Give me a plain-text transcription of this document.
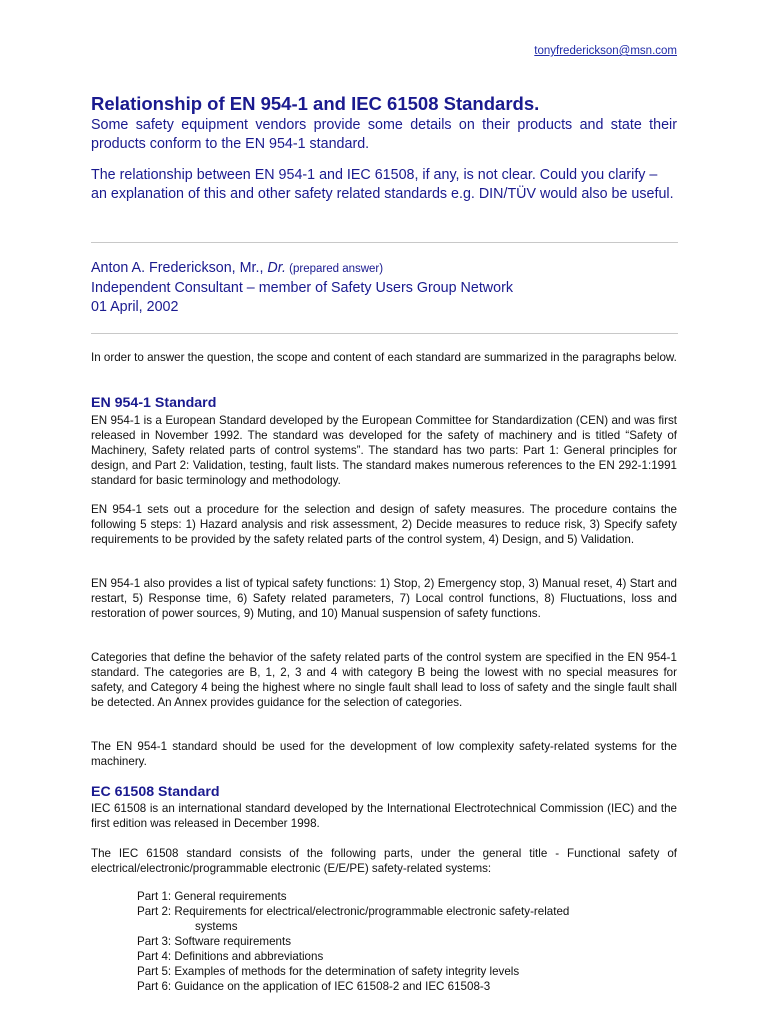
tonyfrederickson@msn.com
Relationship of EN 954-1 and IEC 61508 Standards.

Some safety equipment vendors provide some details on their products and state their products conform to the EN 954-1 standard.

The relationship between EN 954-1 and IEC 61508, if any, is not clear. Could you clarify – an explanation of this and other safety related standards e.g. DIN/TÜV would also be useful.

Anton A. Frederickson, Mr., Dr. (prepared answer)
Independent Consultant – member of Safety Users Group Network
01 April, 2002

In order to answer the question, the scope and content of each standard are summarized in the paragraphs below.

EN 954-1 Standard

EN 954-1 is a European Standard developed by the European Committee for Standardization (CEN) and was first released in November 1992. The standard was developed for the safety of machinery and is titled “Safety of Machinery, Safety related parts of control systems”. The standard has two parts: Part 1: General principles for design, and Part 2: Validation, testing, fault lists. The standard makes numerous references to the EN 292-1:1991 standard for basic terminology and methodology.

EN 954-1 sets out a procedure for the selection and design of safety measures. The procedure contains the following 5 steps: 1) Hazard analysis and risk assessment, 2) Decide measures to reduce risk, 3) Specify safety requirements to be provided by the safety related parts of the control system, 4) Design, and 5) Validation.

EN 954-1 also provides a list of typical safety functions: 1) Stop, 2) Emergency stop, 3) Manual reset, 4) Start and restart, 5) Response time, 6) Safety related parameters, 7) Local control functions, 8) Fluctuations, loss and restoration of power sources, 9) Muting, and 10) Manual suspension of safety functions.

Categories that define the behavior of the safety related parts of the control system are specified in the EN 954-1 standard. The categories are B, 1, 2, 3 and 4 with category B being the lowest with no special measures for safety, and Category 4 being the highest where no single fault shall lead to loss of safety and the single fault shall be detected. An Annex provides guidance for the selection of categories.

The EN 954-1 standard should be used for the development of low complexity safety-related systems for the machinery.

EC 61508 Standard

IEC 61508 is an international standard developed by the International Electrotechnical Commission (IEC) and the first edition was released in December 1998.

The IEC 61508 standard consists of the following parts, under the general title - Functional safety of electrical/electronic/programmable electronic (E/E/PE) safety-related systems:

Part 1: General requirements
Part 2: Requirements for electrical/electronic/programmable electronic safety-related
systems
Part 3: Software requirements
Part 4: Definitions and abbreviations
Part 5: Examples of methods for the determination of safety integrity levels
Part 6: Guidance on the application of IEC 61508-2 and IEC 61508-3
